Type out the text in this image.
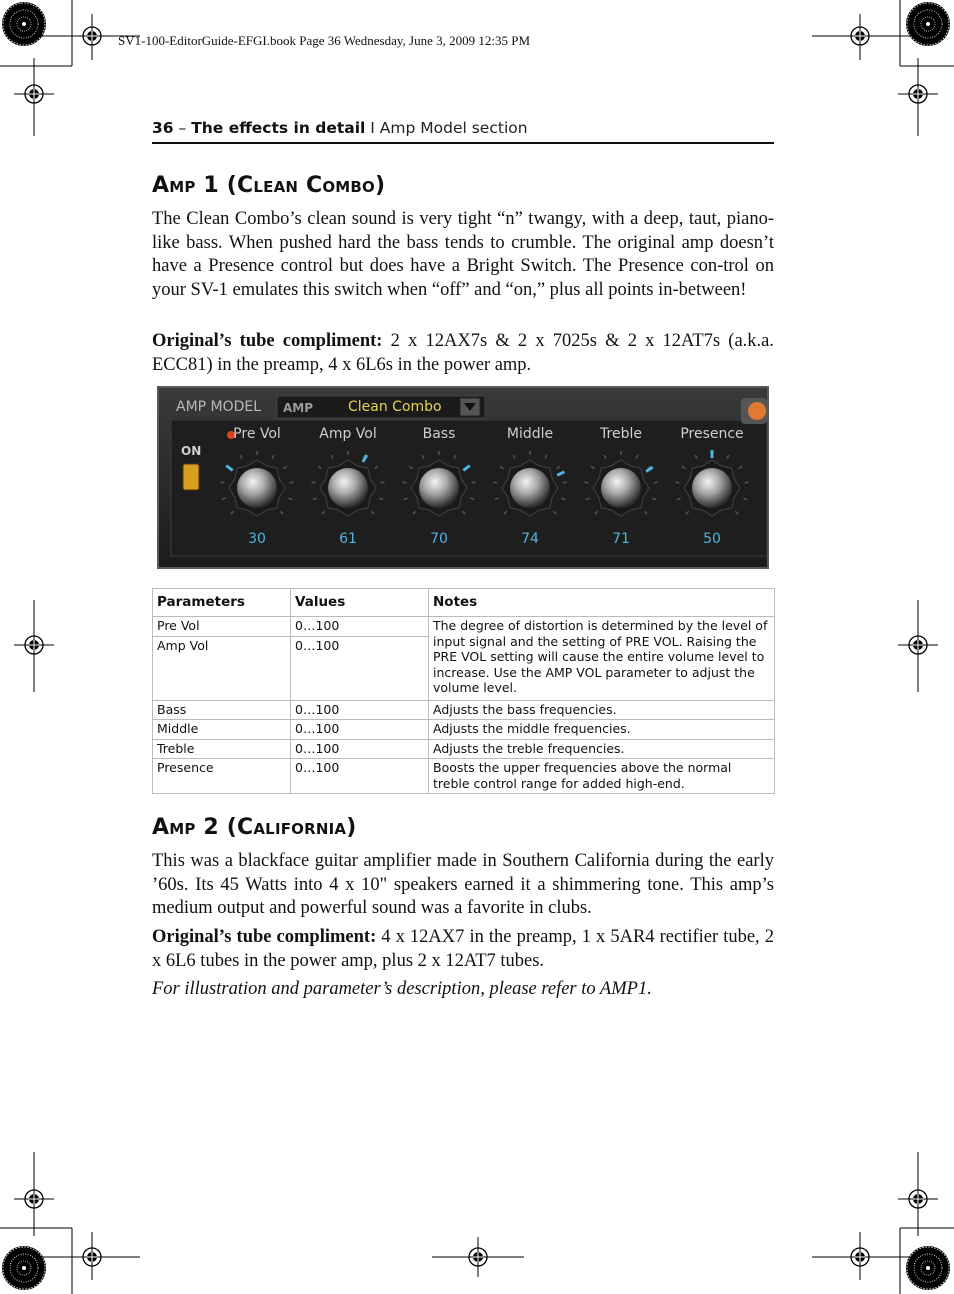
SV1-100-EditorGuide-EFGI.book Page 36 Wednesday, June 3, 2009 12:35 PM
36 – The effects in detail I Amp Model section
Amp 1 (Clean Combo)

The Clean Combo’s clean sound is very tight “n” twangy, with a deep, taut, piano-like bass. When pushed hard the bass tends to crumble. The original amp doesn’t have a Presence control but does have a Bright Switch. The Presence con-trol on your SV-1 emulates this switch when “off” and “on,” plus all points in-between!

Original’s tube compliment: 2 x 12AX7s & 2 x 7025s & 2 x 12AT7s (a.k.a. ECC81) in the preamp, 4 x 6L6s in the power amp.

AMP MODEL AMP Clean Combo
ON
Pre Vol
30
Amp Vol
61
Bass
70
Middle
74
Treble
71
Presence
50
Parameters	Values	Notes
Pre Vol	0…100	The degree of distortion is determined by the level of input signal and the setting of PRE VOL. Raising the PRE VOL setting will cause the entire volume level to increase. Use the AMP VOL parameter to adjust the volume level.
Amp Vol	0…100	
Bass	0…100	Adjusts the bass frequencies.
Middle	0…100	Adjusts the middle frequencies.
Treble	0…100	Adjusts the treble frequencies.
Presence	0…100	Boosts the upper frequencies above the normal treble control range for added high-end.
Amp 2 (California)

This was a blackface guitar amplifier made in Southern California during the early ’60s. Its 45 Watts into 4 x 10" speakers earned it a shimmering tone. This amp’s medium output and powerful sound was a favorite in clubs.

Original’s tube compliment: 4 x 12AX7 in the preamp, 1 x 5AR4 rectifier tube, 2 x 6L6 tubes in the power amp, plus 2 x 12AT7 tubes.

For illustration and parameter’s description, please refer to AMP1.
